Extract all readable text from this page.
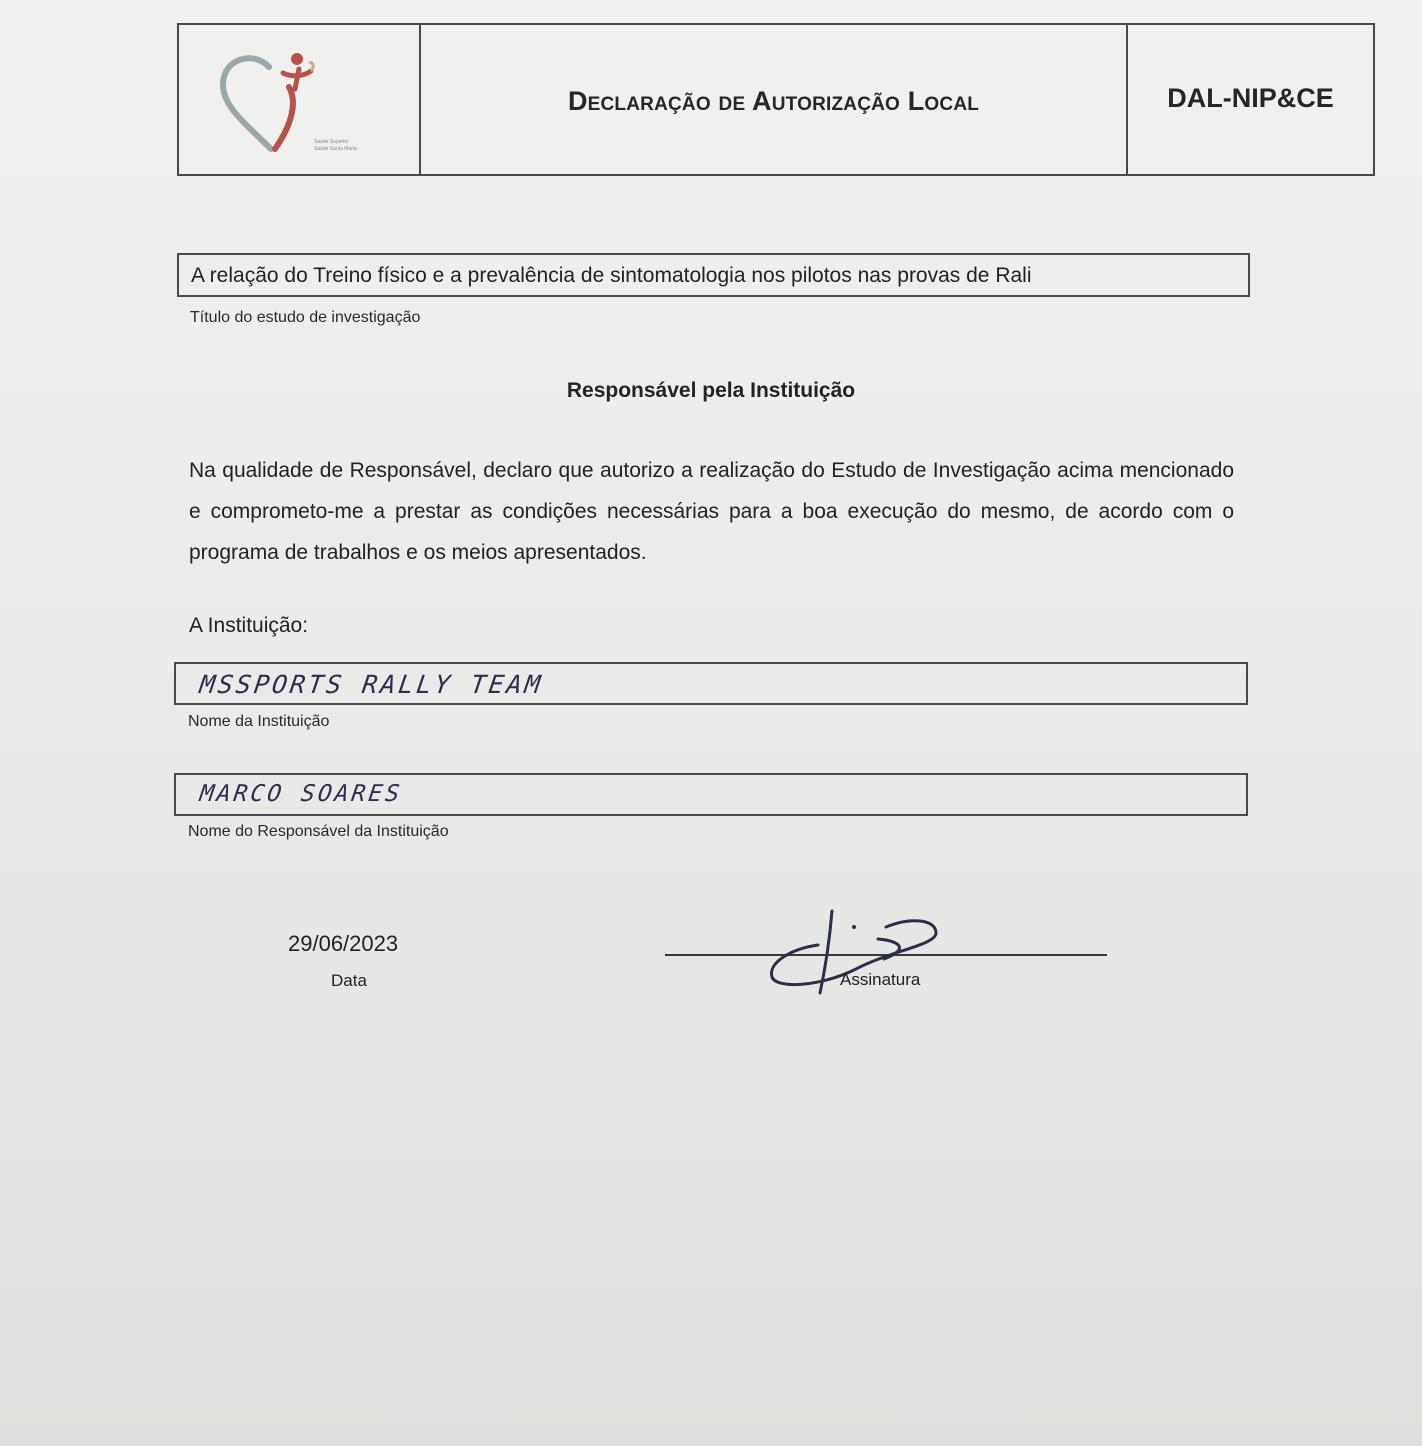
Saúde Superior
Saúde Santa Maria
Declaração de Autorização Local	DAL-NIP&CE
A relação do Treino físico e a prevalência de sintomatologia nos pilotos nas provas de Rali
Título do estudo de investigação
Responsável pela Instituição
Na qualidade de Responsável, declaro que autorizo a realização do Estudo de Investigação acima mencionado e comprometo-me a prestar as condições necessárias para a boa execução do mesmo, de acordo com o programa de trabalhos e os meios apresentados.
A Instituição:
MSSPORTS RALLY TEAM
Nome da Instituição
MARCO SOARES
Nome do Responsável da Instituição
29/06/2023
Data	Assinatura
